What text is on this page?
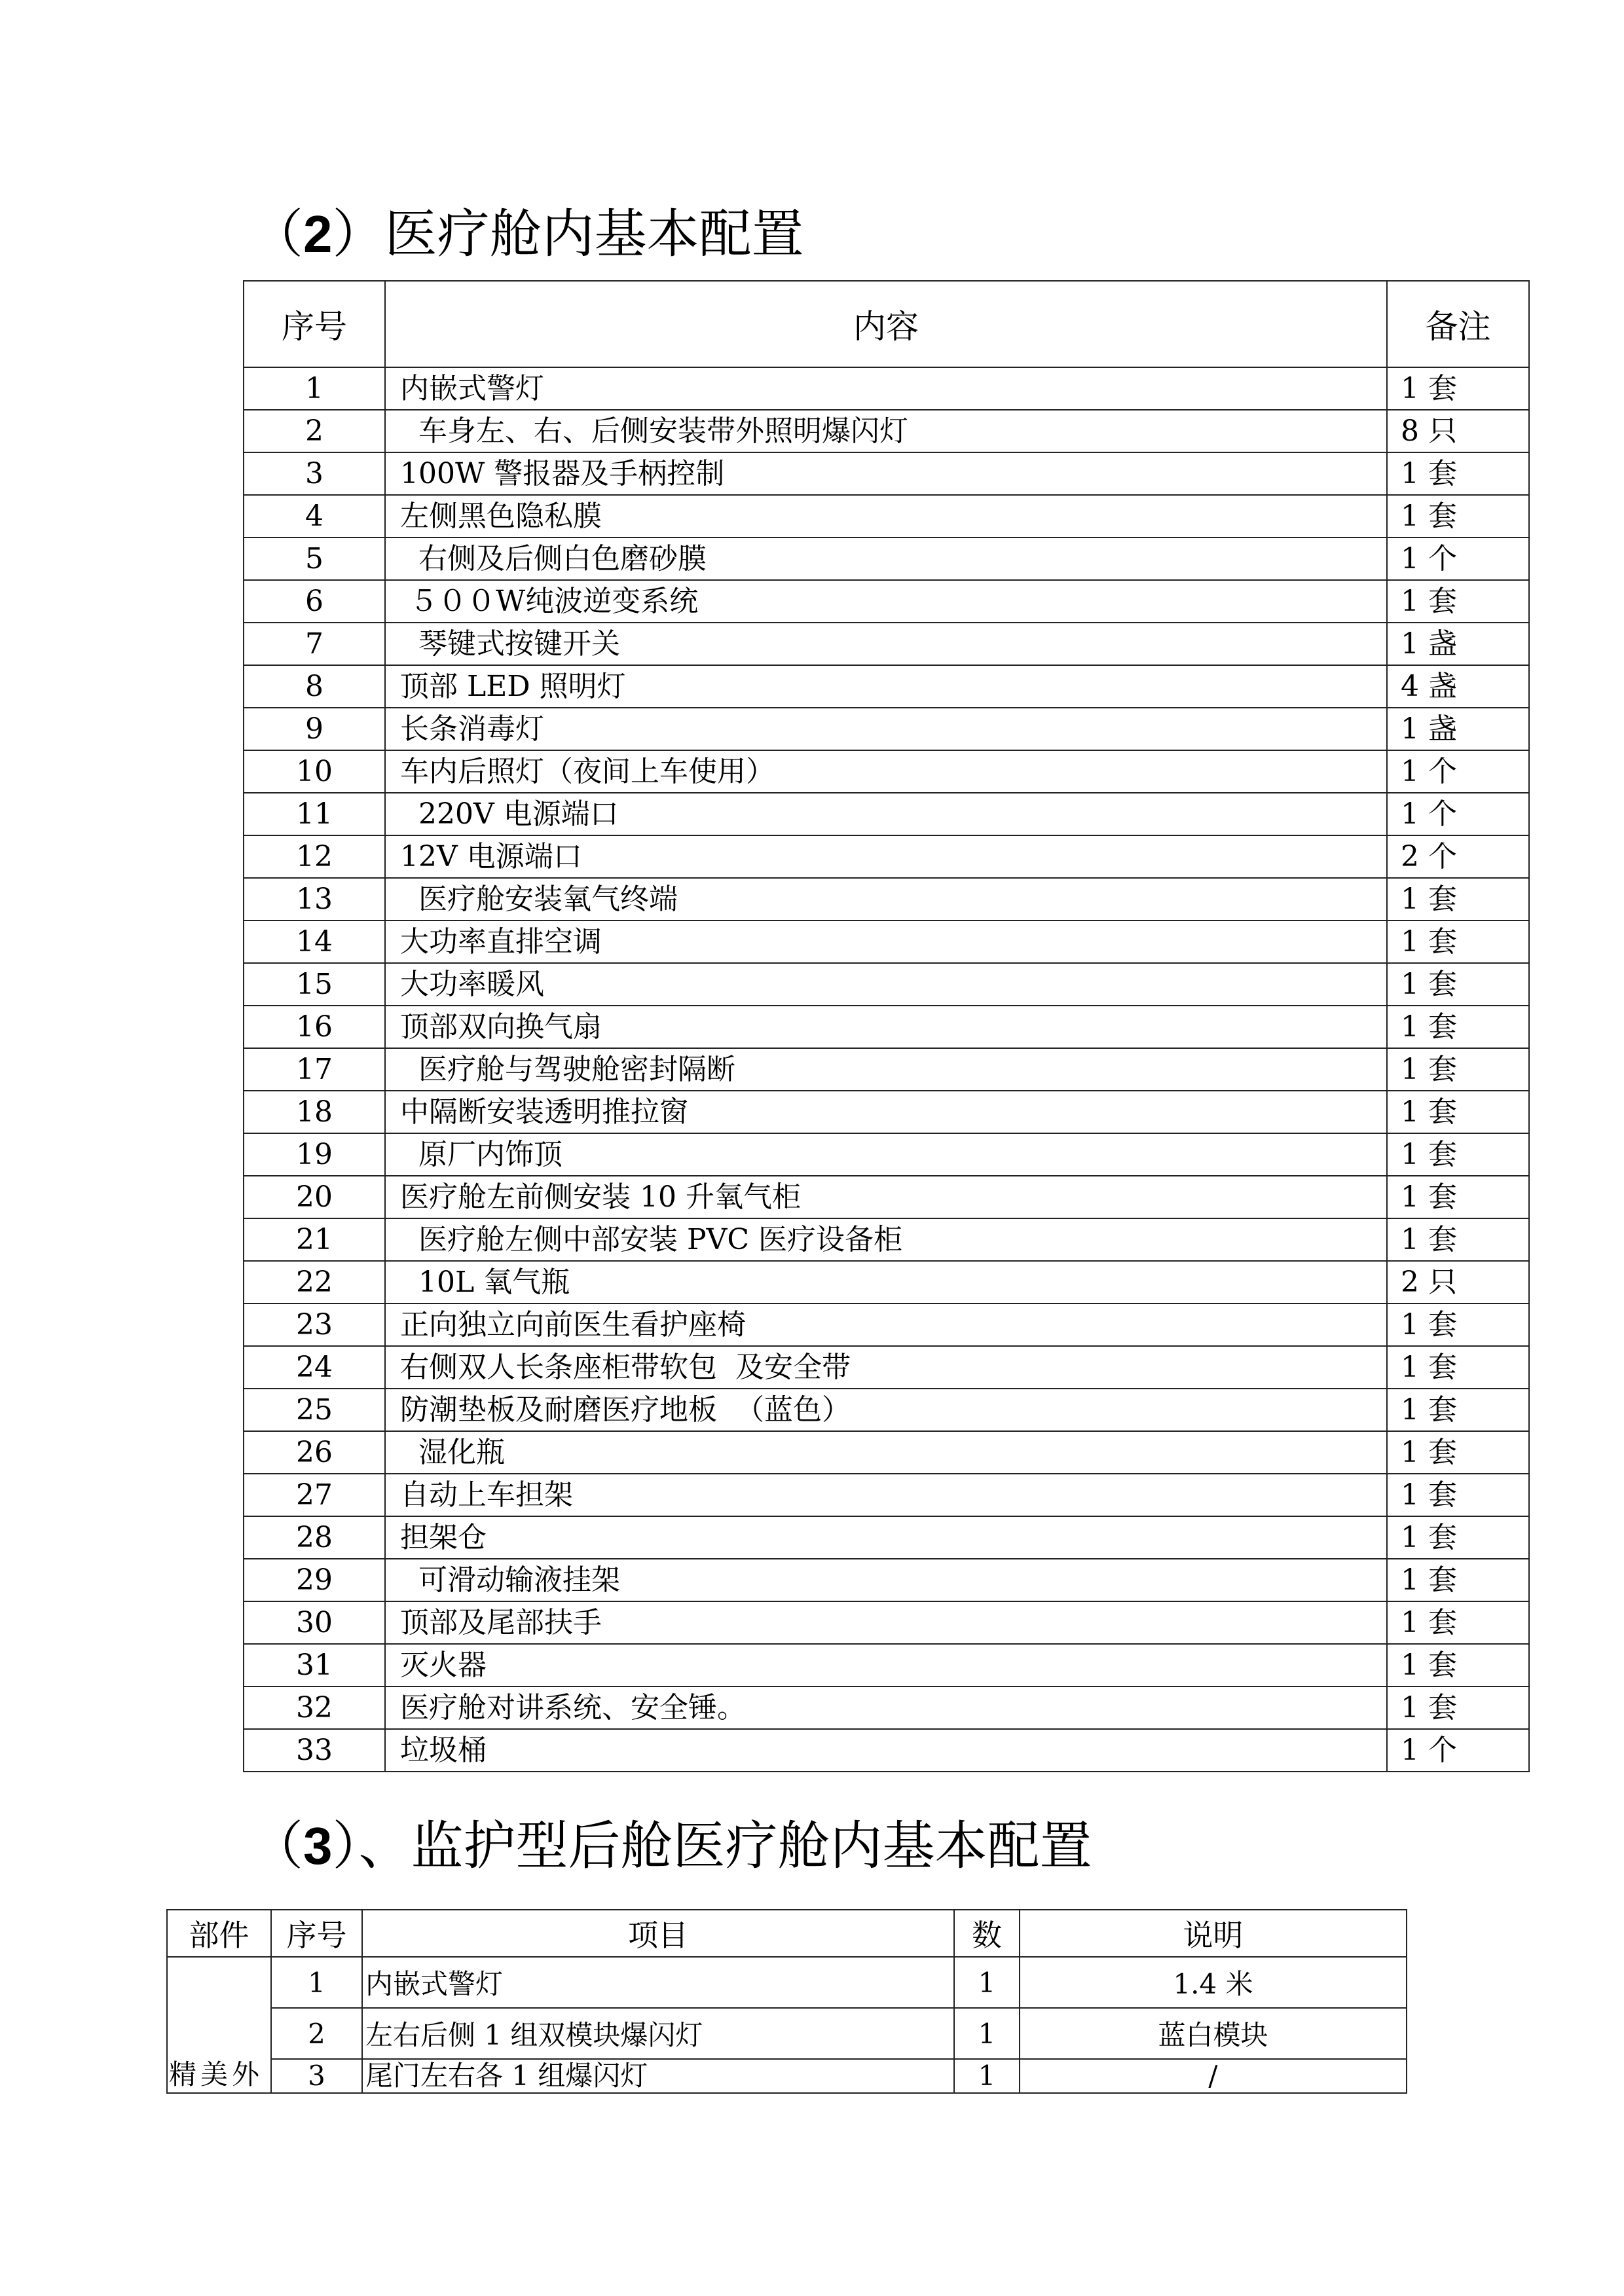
（2）医疗舱内基本配置
序号	内容	备注
1	内嵌式警灯	1 套
2	车身左、右、后侧安装带外照明爆闪灯	8 只
3	100W 警报器及手柄控制	1 套
4	左侧黑色隐私膜	1 套
5	右侧及后侧白色磨砂膜	1 个
6	５００W纯波逆变系统	1 套
7	琴键式按键开关	1 盏
8	顶部 LED 照明灯	4 盏
9	长条消毒灯	1 盏
10	车内后照灯（夜间上车使用）	1 个
11	220V 电源端口	1 个
12	12V 电源端口	2 个
13	医疗舱安装氧气终端	1 套
14	大功率直排空调	1 套
15	大功率暖风	1 套
16	顶部双向换气扇	1 套
17	医疗舱与驾驶舱密封隔断	1 套
18	中隔断安装透明推拉窗	1 套
19	原厂内饰顶	1 套
20	医疗舱左前侧安装 10 升氧气柜	1 套
21	医疗舱左侧中部安装 PVC 医疗设备柜	1 套
22	10L 氧气瓶	2 只
23	正向独立向前医生看护座椅	1 套
24	右侧双人长条座柜带软包  及安全带	1 套
25	防潮垫板及耐磨医疗地板  （蓝色）	1 套
26	湿化瓶	1 套
27	自动上车担架	1 套
28	担架仓	1 套
29	可滑动输液挂架	1 套
30	顶部及尾部扶手	1 套
31	灭火器	1 套
32	医疗舱对讲系统、安全锤。	1 套
33	垃圾桶	1 个
（3）、监护型后舱医疗舱内基本配置
部件	序号	项目	数	说明
精美外	1	内嵌式警灯	1	1.4 米
	2	左右后侧 1 组双模块爆闪灯	1	蓝白模块
	3	尾门左右各 1 组爆闪灯	1	/
